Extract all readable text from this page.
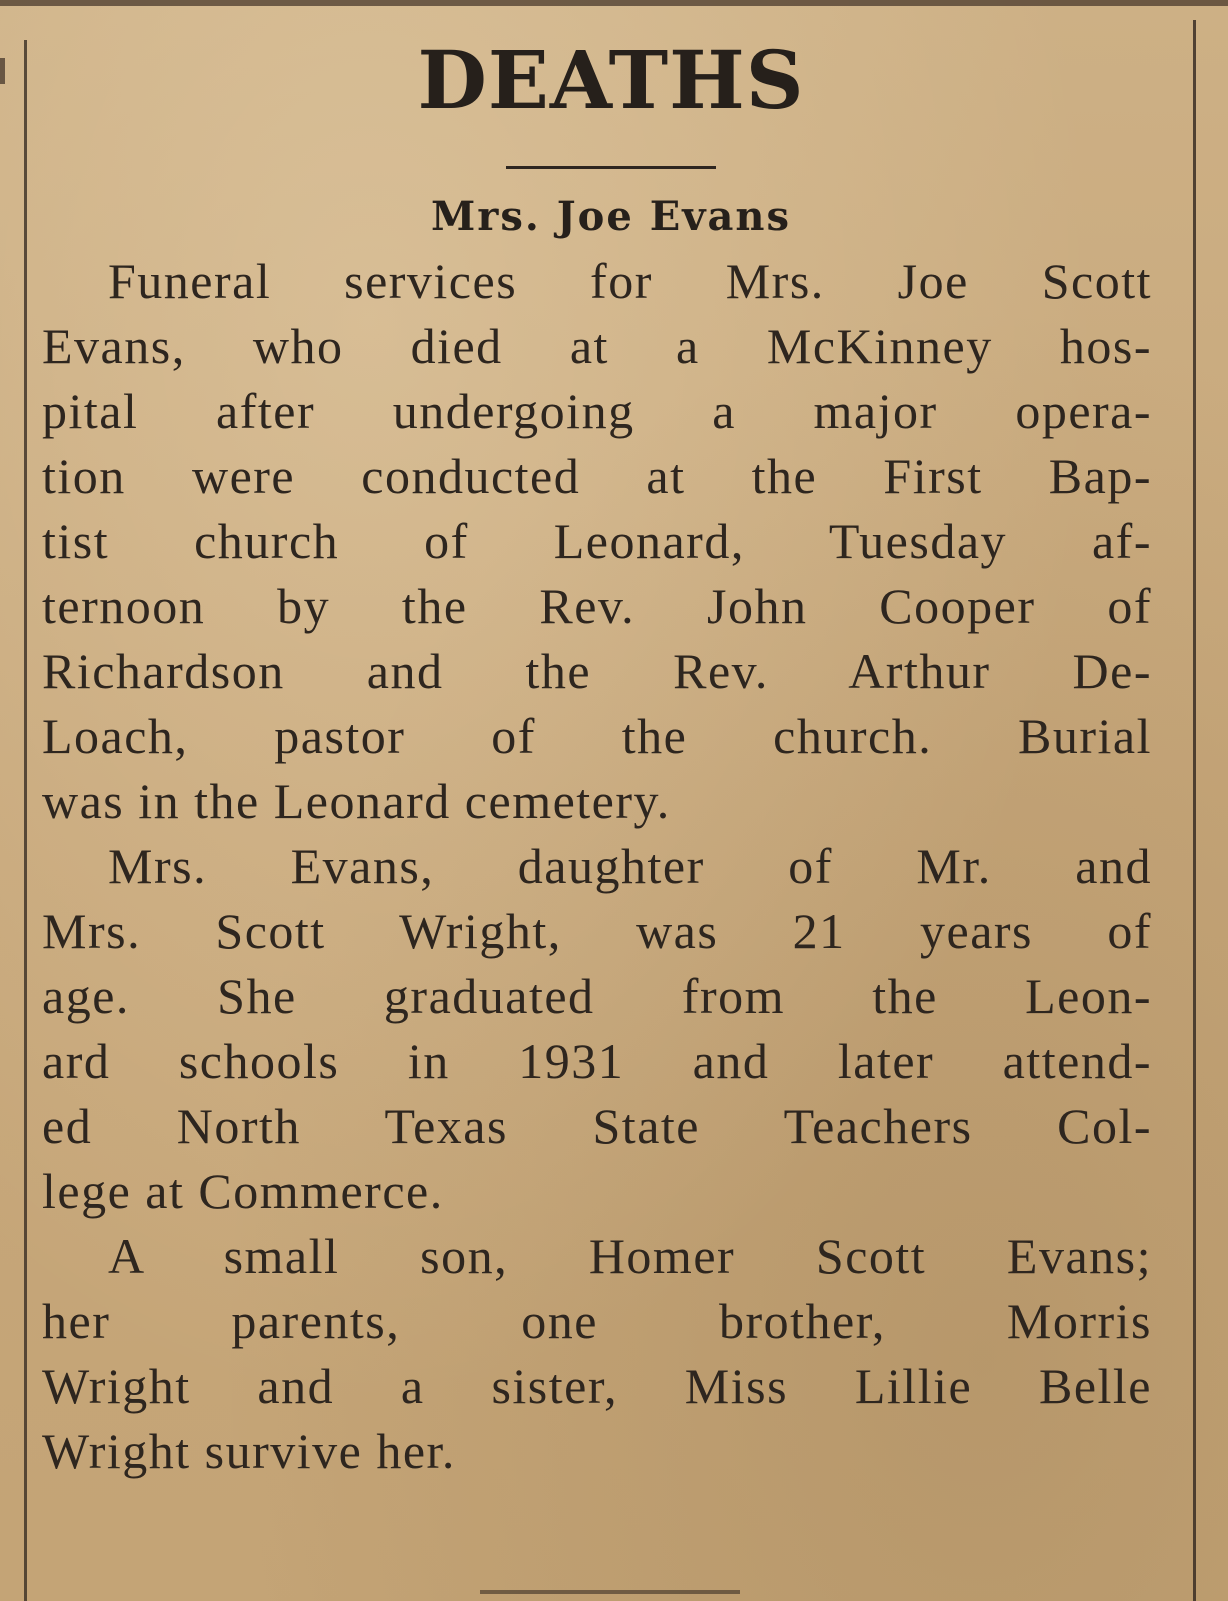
DEATHS
Mrs. Joe Evans
Funeral services for Mrs. Joe Scott
Evans, who died at a McKinney hos-
pital after undergoing a major opera-
tion were conducted at the First Bap-
tist church of Leonard, Tuesday af-
ternoon by the Rev. John Cooper of
Richardson and the Rev. Arthur De-
Loach, pastor of the church. Burial
was in the Leonard cemetery.
Mrs. Evans, daughter of Mr. and
Mrs. Scott Wright, was 21 years of
age. She graduated from the Leon-
ard schools in 1931 and later attend-
ed North Texas State Teachers Col-
lege at Commerce.
A small son, Homer Scott Evans;
her parents, one brother, Morris
Wright and a sister, Miss Lillie Belle
Wright survive her.
